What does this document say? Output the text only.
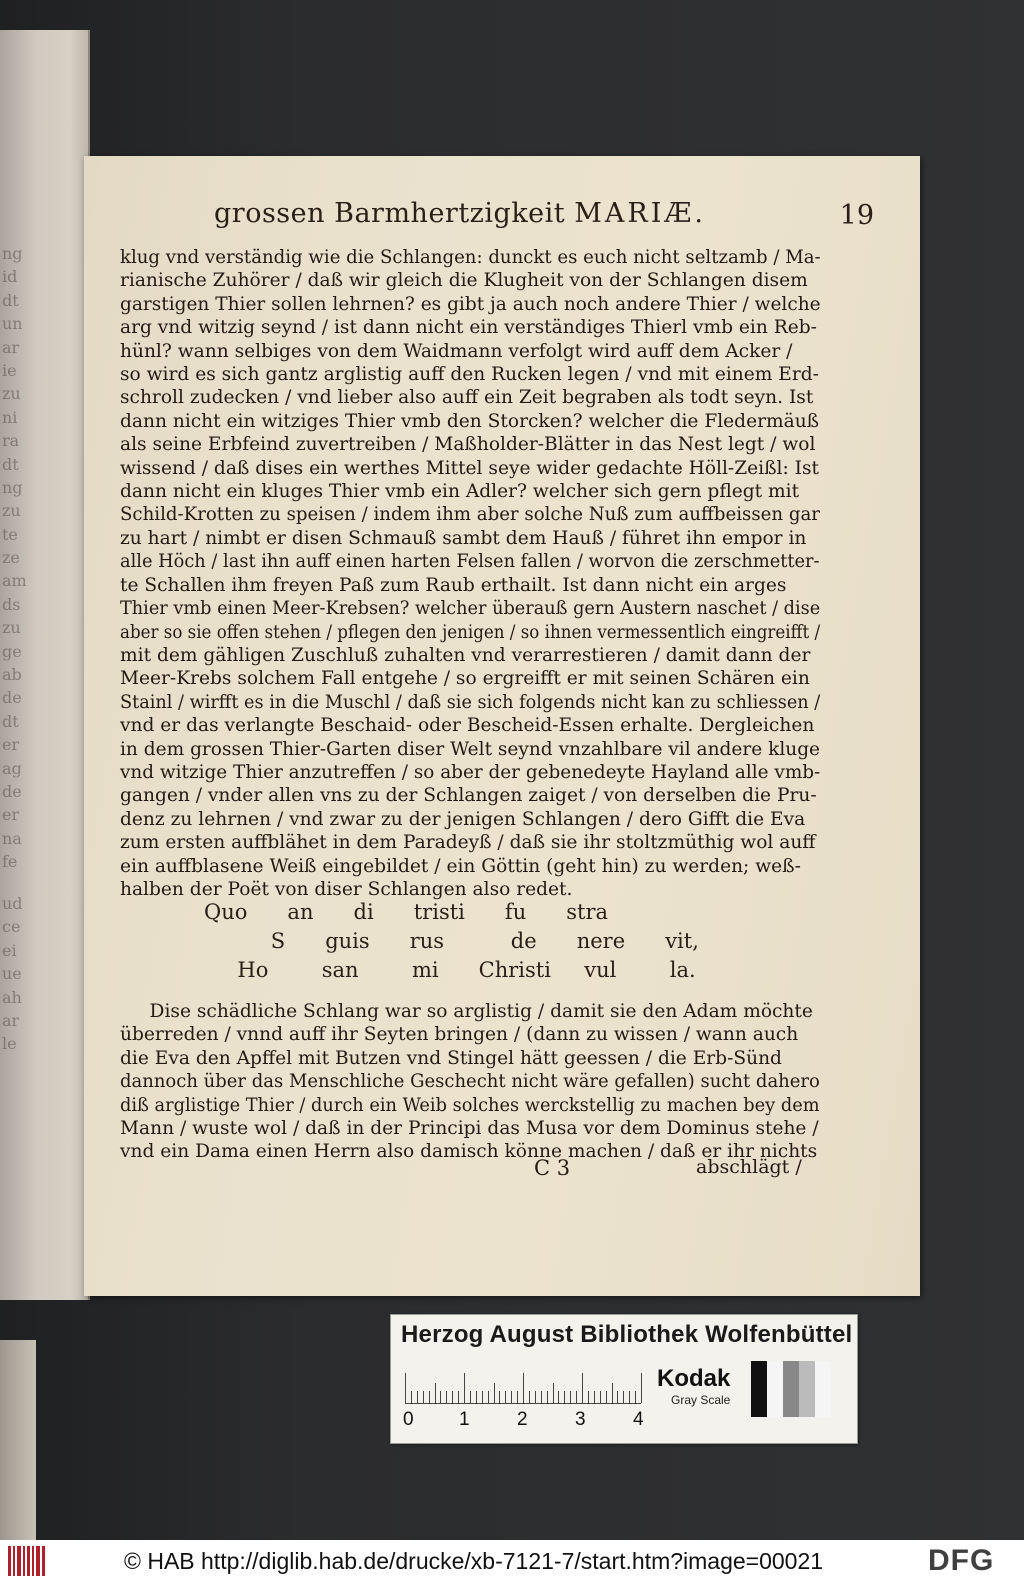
ng
id
dt
un
ar
ie
zu
ni
ra
dt
ng
zu
te
ze
am
ds
zu
ge
ab
de
dt
er
ag
de
er
na
fe
ud
ce
ei
ue
ah
ar
le
grossen Barmhertzigkeit MARIÆ.	19
klug vnd verständig wie die Schlangen: dunckt es euch nicht seltzamb / Ma-
rianische Zuhörer / daß wir gleich die Klugheit von der Schlangen disem
garstigen Thier sollen lehrnen? es gibt ja auch noch andere Thier / welche
arg vnd witzig seynd / ist dann nicht ein verständiges Thierl vmb ein Reb-
hünl? wann selbiges von dem Waidmann verfolgt wird auff dem Acker /
so wird es sich gantz arglistig auff den Rucken legen / vnd mit einem Erd-
schroll zudecken / vnd lieber also auff ein Zeit begraben als todt seyn. Ist
dann nicht ein witziges Thier vmb den Storcken? welcher die Fledermäuß
als seine Erbfeind zuvertreiben / Maßholder-Blätter in das Nest legt / wol
wissend / daß dises ein werthes Mittel seye wider gedachte Höll-Zeißl: Ist
dann nicht ein kluges Thier vmb ein Adler? welcher sich gern pflegt mit
Schild-Krotten zu speisen / indem ihm aber solche Nuß zum auffbeissen gar
zu hart / nimbt er disen Schmauß sambt dem Hauß / führet ihn empor in
alle Höch / last ihn auff einen harten Felsen fallen / worvon die zerschmetter-
te Schallen ihm freyen Paß zum Raub erthailt. Ist dann nicht ein arges
Thier vmb einen Meer-Krebsen? welcher überauß gern Austern naschet / dise
aber so sie offen stehen / pflegen den jenigen / so ihnen vermessentlich eingreifft /
mit dem gähligen Zuschluß zuhalten vnd verarrestieren / damit dann der
Meer-Krebs solchem Fall entgehe / so ergreifft er mit seinen Schären ein
Stainl / wirfft es in die Muschl / daß sie sich folgends nicht kan zu schliessen /
vnd er das verlangte Beschaid- oder Bescheid-Essen erhalte. Dergleichen
in dem grossen Thier-Garten diser Welt seynd vnzahlbare vil andere kluge
vnd witzige Thier anzutreffen / so aber der gebenedeyte Hayland alle vmb-
gangen / vnder allen vns zu der Schlangen zaiget / von derselben die Pru-
denz zu lehrnen / vnd zwar zu der jenigen Schlangen / dero Gifft die Eva
zum ersten auffblähet in dem Paradeyß / daß sie ihr stoltzmüthig wol auff
ein auffblasene Weiß eingebildet / ein Göttin (geht hin) zu werden; weß-
halben der Poët von diser Schlangen also redet.
Quo      an      di      tristi      fu      stra
S      guis      rus          de      nere      vit,
Ho        san        mi      Christi     vul        la.
Dise schädliche Schlang war so arglistig / damit sie den Adam möchte
überreden / vnnd auff ihr Seyten bringen / (dann zu wissen / wann auch
die Eva den Apffel mit Butzen vnd Stingel hätt geessen / die Erb-Sünd
dannoch über das Menschliche Geschecht nicht wäre gefallen) sucht dahero
diß arglistige Thier / durch ein Weib solches werckstellig zu machen bey dem
Mann / wuste wol / daß in der Principi das Musa vor dem Dominus stehe /
vnd ein Dama einen Herrn also damisch könne machen / daß er ihr nichts
C 3	abschlägt /
Herzog August Bibliothek Wolfenbüttel
0 1 2 3 4
Kodak
Gray Scale
© HAB http://diglib.hab.de/drucke/xb-7121-7/start.htm?image=00021	DFG
